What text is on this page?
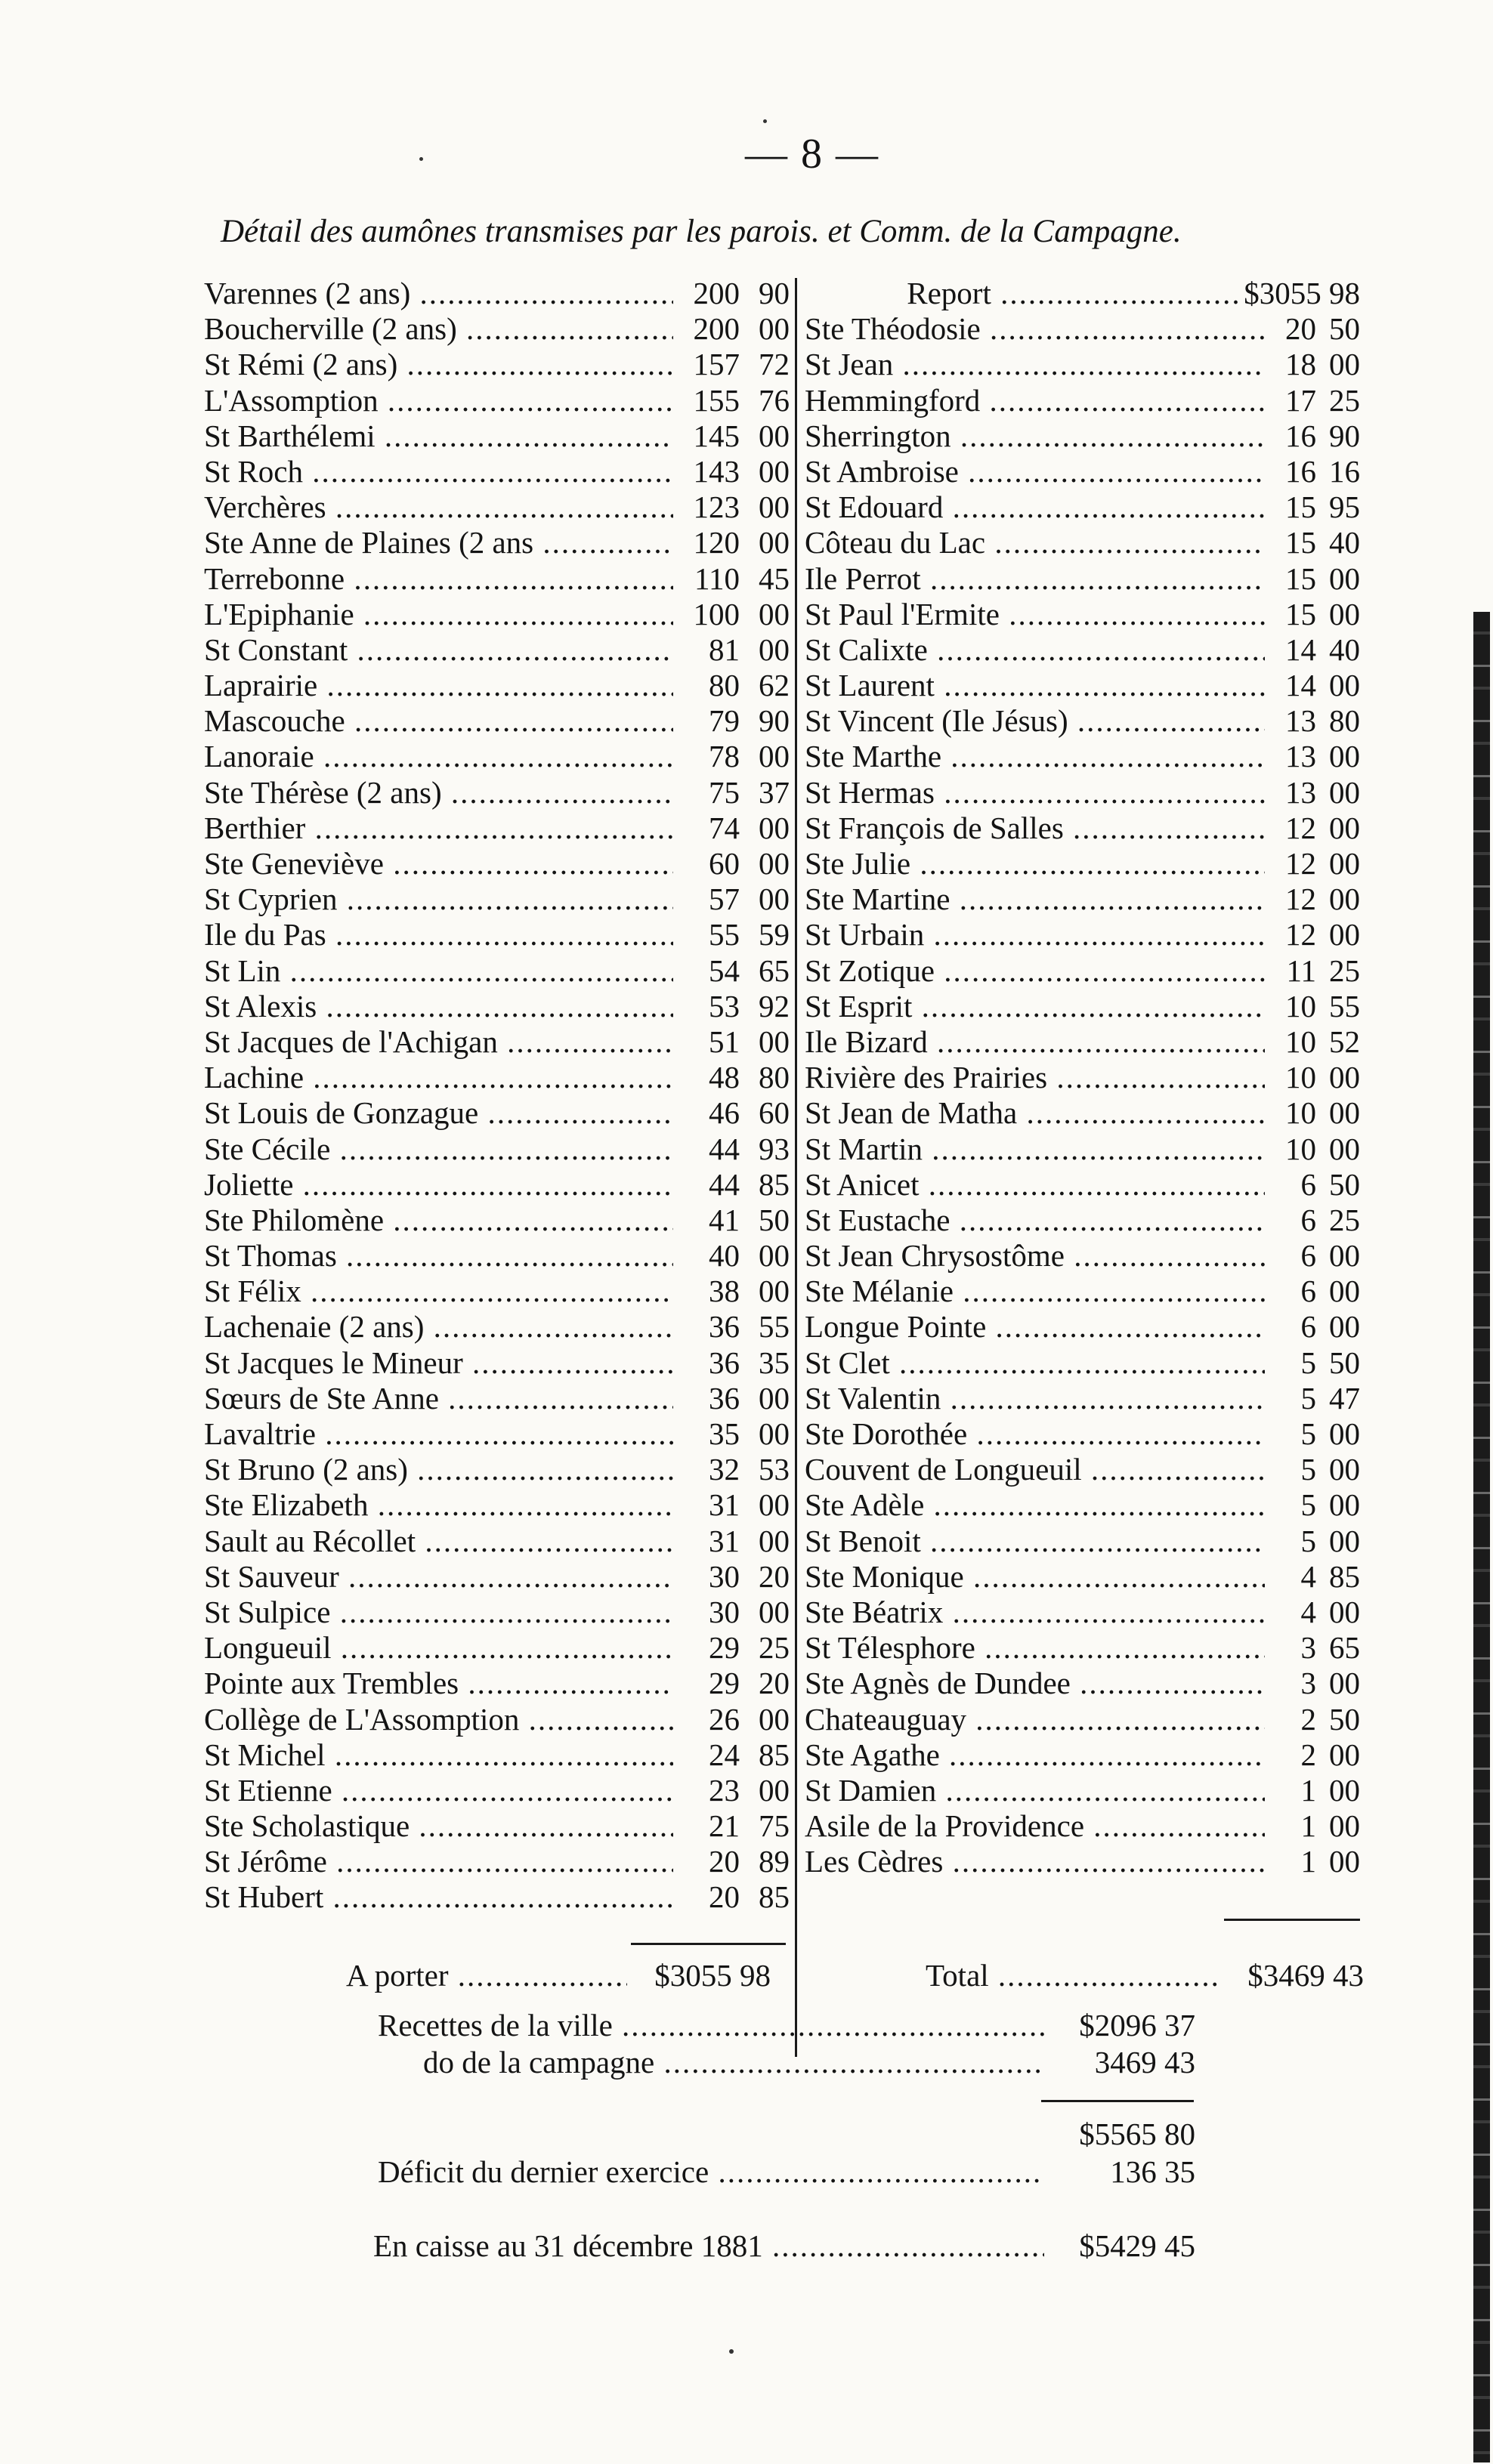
— 8 —
Détail des aumônes transmises par les parois. et Comm. de la Campagne.
Varennes (2 ans) .....	200 90
Boucherville (2 ans) .....	200 00
St Rémi (2 ans) .....	157 72
L'Assomption .....	155 76
St Barthélemi .....	145 00
St Roch .....	143 00
Verchères .....	123 00
Ste Anne de Plaines (2 ans .....	120 00
Terrebonne .....	110 45
L'Epiphanie .....	100 00
St Constant .....	81 00
Laprairie .....	80 62
Mascouche .....	79 90
Lanoraie .....	78 00
Ste Thérèse (2 ans) .....	75 37
Berthier .....	74 00
Ste Geneviève .....	60 00
St Cyprien .....	57 00
Ile du Pas .....	55 59
St Lin .....	54 65
St Alexis .....	53 92
St Jacques de l'Achigan .....	51 00
Lachine .....	48 80
St Louis de Gonzague .....	46 60
Ste Cécile .....	44 93
Joliette .....	44 85
Ste Philomène .....	41 50
St Thomas .....	40 00
St Félix .....	38 00
Lachenaie (2 ans) .....	36 55
St Jacques le Mineur .....	36 35
Sœurs de Ste Anne .....	36 00
Lavaltrie .....	35 00
St Bruno (2 ans) .....	32 53
Ste Elizabeth .....	31 00
Sault au Récollet .....	31 00
St Sauveur .....	30 20
St Sulpice .....	30 00
Longueuil .....	29 25
Pointe aux Trembles .....	29 20
Collège de L'Assomption .....	26 00
St Michel .....	24 85
St Etienne .....	23 00
Ste Scholastique .....	21 75
St Jérôme .....	20 89
St Hubert .....	20 85
Report .....	$3055 98
Ste Théodosie .....	20 50
St Jean .....	18 00
Hemmingford .....	17 25
Sherrington .....	16 90
St Ambroise .....	16 16
St Edouard .....	15 95
Côteau du Lac .....	15 40
Ile Perrot .....	15 00
St Paul l'Ermite .....	15 00
St Calixte .....	14 40
St Laurent .....	14 00
St Vincent (Ile Jésus) .....	13 80
Ste Marthe .....	13 00
St Hermas .....	13 00
St François de Salles .....	12 00
Ste Julie .....	12 00
Ste Martine .....	12 00
St Urbain .....	12 00
St Zotique .....	11 25
St Esprit .....	10 55
Ile Bizard .....	10 52
Rivière des Prairies .....	10 00
St Jean de Matha .....	10 00
St Martin .....	10 00
St Anicet .....	6 50
St Eustache .....	6 25
St Jean Chrysostôme .....	6 00
Ste Mélanie .....	6 00
Longue Pointe .....	6 00
St Clet .....	5 50
St Valentin .....	5 47
Ste Dorothée .....	5 00
Couvent de Longueuil .....	5 00
Ste Adèle .....	5 00
St Benoit .....	5 00
Ste Monique .....	4 85
Ste Béatrix .....	4 00
St Télesphore .....	3 65
Ste Agnès de Dundee .....	3 00
Chateauguay .....	2 50
Ste Agathe .....	2 00
St Damien .....	1 00
Asile de la Providence .....	1 00
Les Cèdres .....	1 00
A porter .....	$3055 98	Total .....	$3469 43
Recettes de la ville .....	$2096 37
do de la campagne .....	3469 43
$5565 80
Déficit du dernier exercice .....	136 35
En caisse au 31 décembre 1881 .....	$5429 45
